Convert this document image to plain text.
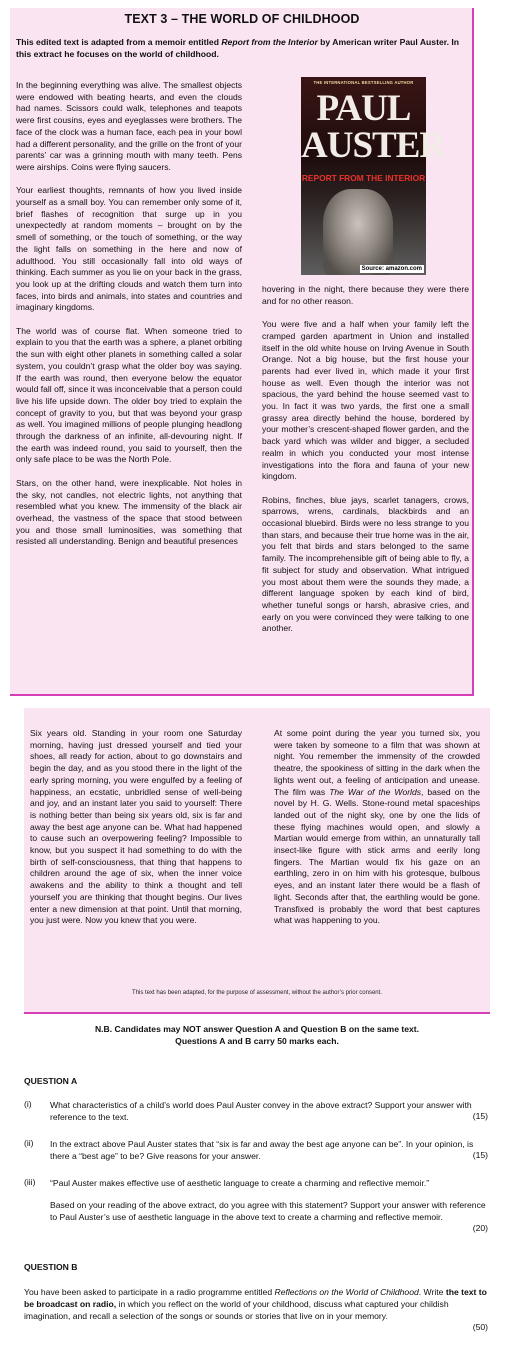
TEXT 3 – THE WORLD OF CHILDHOOD
This edited text is adapted from a memoir entitled Report from the Interior by American writer Paul Auster. In this extract he focuses on the world of childhood.

In the beginning everything was alive. The smallest objects were endowed with beating hearts, and even the clouds had names. Scissors could walk, telephones and teapots were first cousins, eyes and eyeglasses were brothers. The face of the clock was a human face, each pea in your bowl had a different personality, and the grille on the front of your parents’ car was a grinning mouth with many teeth. Pens were airships. Coins were flying saucers.

Your earliest thoughts, remnants of how you lived inside yourself as a small boy. You can remember only some of it, brief flashes of recognition that surge up in you unexpectedly at random moments – brought on by the smell of something, or the touch of something, or the way the light falls on something in the here and now of adulthood. You still occasionally fall into old ways of thinking. Each summer as you lie on your back in the grass, you look up at the drifting clouds and watch them turn into faces, into birds and animals, into states and countries and imaginary kingdoms.

The world was of course flat. When someone tried to explain to you that the earth was a sphere, a planet orbiting the sun with eight other planets in something called a solar system, you couldn’t grasp what the older boy was saying. If the earth was round, then everyone below the equator would fall off, since it was inconceivable that a person could live his life upside down. The older boy tried to explain the concept of gravity to you, but that was beyond your grasp as well. You imagined millions of people plunging headlong through the darkness of an infinite, all-devouring night. If the earth was indeed round, you said to yourself, then the only safe place to be was the North Pole.

Stars, on the other hand, were inexplicable. Not holes in the sky, not candles, not electric lights, not anything that resembled what you knew. The immensity of the black air overhead, the vastness of the space that stood between you and those small luminosities, was something that resisted all understanding. Benign and beautiful presences

THE INTERNATIONAL BESTSELLING AUTHOR
PAUL
AUSTER
REPORT FROM THE INTERIOR
Source: amazon.com

hovering in the night, there because they were there and for no other reason.

You were five and a half when your family left the cramped garden apartment in Union and installed itself in the old white house on Irving Avenue in South Orange. Not a big house, but the first house your parents had ever lived in, which made it your first house as well. Even though the interior was not spacious, the yard behind the house seemed vast to you. In fact it was two yards, the first one a small grassy area directly behind the house, bordered by your mother’s crescent-shaped flower garden, and the back yard which was wilder and bigger, a secluded realm in which you conducted your most intense investigations into the flora and fauna of your new kingdom.

Robins, finches, blue jays, scarlet tanagers, crows, sparrows, wrens, cardinals, blackbirds and an occasional bluebird. Birds were no less strange to you than stars, and because their true home was in the air, you felt that birds and stars belonged to the same family. The incomprehensible gift of being able to fly, a fit subject for study and observation. What intrigued you most about them were the sounds they made, a different language spoken by each kind of bird, whether tuneful songs or harsh, abrasive cries, and early on you were convinced they were talking to one another.

Six years old. Standing in your room one Saturday morning, having just dressed yourself and tied your shoes, all ready for action, about to go downstairs and begin the day, and as you stood there in the light of the early spring morning, you were engulfed by a feeling of happiness, an ecstatic, unbridled sense of well-being and joy, and an instant later you said to yourself: There is nothing better than being six years old, six is far and away the best age anyone can be. What had happened to cause such an overpowering feeling? Impossible to know, but you suspect it had something to do with the birth of self-consciousness, that thing that happens to children around the age of six, when the inner voice awakens and the ability to think a thought and tell yourself you are thinking that thought begins. Our lives enter a new dimension at that point. Until that morning, you just were. Now you knew that you were.

At some point during the year you turned six, you were taken by someone to a film that was shown at night. You remember the immensity of the crowded theatre, the spookiness of sitting in the dark when the lights went out, a feeling of anticipation and unease. The film was The War of the Worlds, based on the novel by H. G. Wells. Stone-round metal spaceships landed out of the night sky, one by one the lids of these flying machines would open, and slowly a Martian would emerge from within, an unnaturally tall insect-like figure with stick arms and eerily long fingers. The Martian would fix his gaze on an earthling, zero in on him with his grotesque, bulbous eyes, and an instant later there would be a flash of light. Seconds after that, the earthling would be gone. Transfixed is probably the word that best captures what was happening to you.

This text has been adapted, for the purpose of assessment, without the author’s prior consent.
N.B. Candidates may NOT answer Question A and Question B on the same text.
Questions A and B carry 50 marks each.
QUESTION A
(i) What characteristics of a child’s world does Paul Auster convey in the above extract? Support your answer with reference to the text.	(15)
(ii) In the extract above Paul Auster states that “six is far and away the best age anyone can be”. In your opinion, is there a “best age” to be? Give reasons for your answer.	(15)
(iii) “Paul Auster makes effective use of aesthetic language to create a charming and reflective memoir.”
Based on your reading of the above extract, do you agree with this statement? Support your answer with reference to Paul Auster’s use of aesthetic language in the above text to create a charming and reflective memoir.
(20)
QUESTION B
You have been asked to participate in a radio programme entitled Reflections on the World of Childhood. Write the text to be broadcast on radio, in which you reflect on the world of your childhood, discuss what captured your childish imagination, and recall a selection of the songs or sounds or stories that live on in your memory.
(50)
